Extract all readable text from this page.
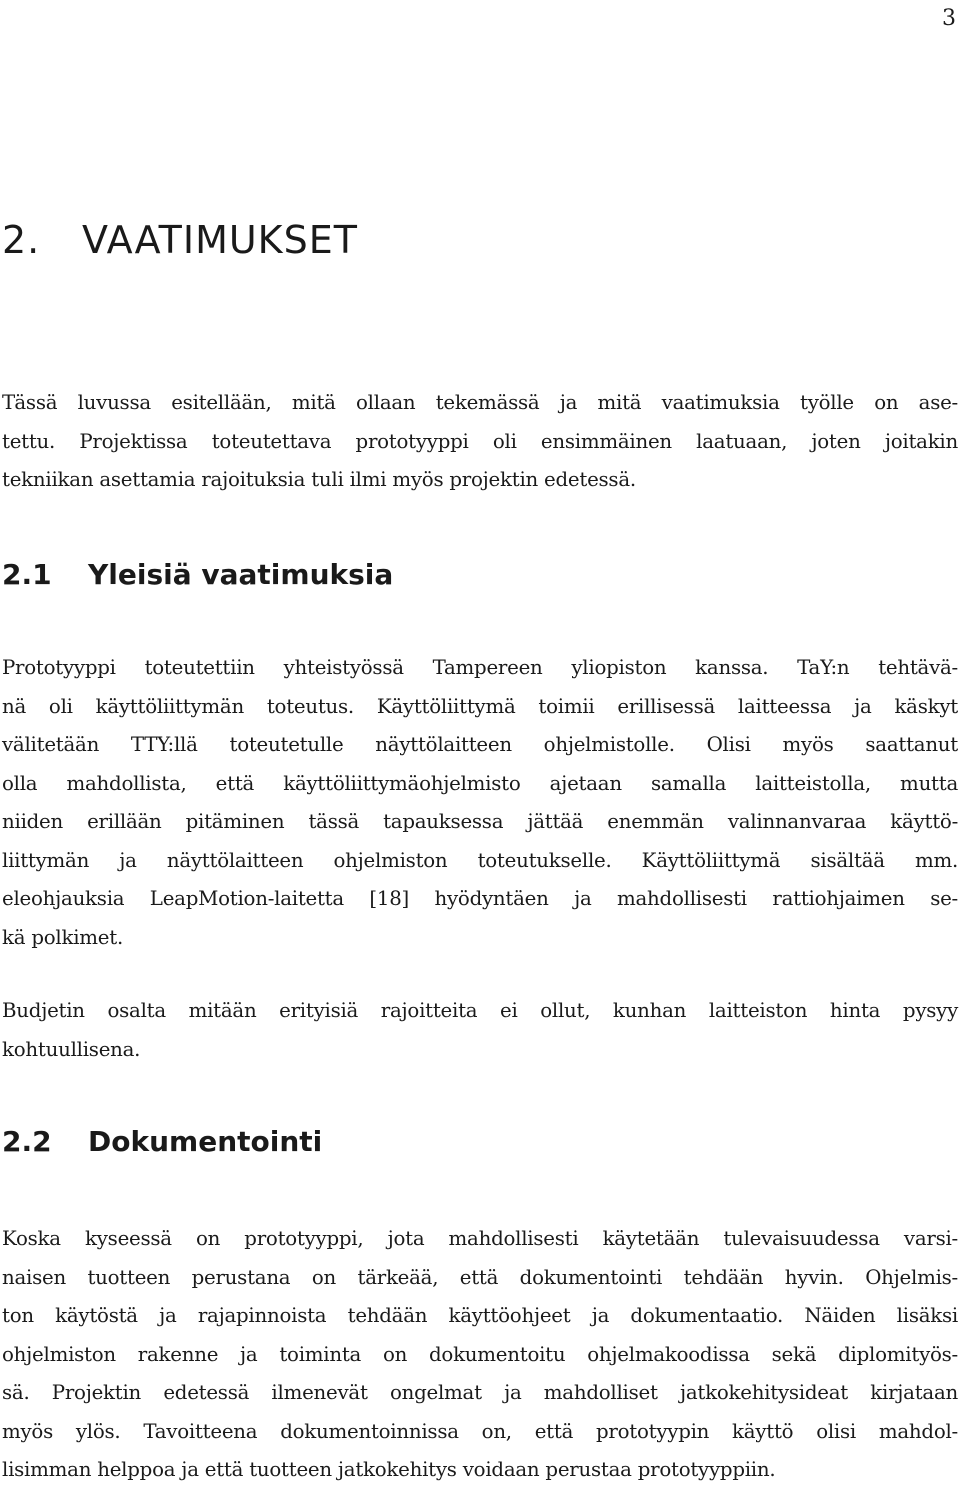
3
2. VAATIMUKSET

Tässä luvussa esitellään, mitä ollaan tekemässä ja mitä vaatimuksia työlle on ase-
tettu. Projektissa toteutettava prototyyppi oli ensimmäinen laatuaan, joten joitakin
tekniikan asettamia rajoituksia tuli ilmi myös projektin edetessä.

2.1 Yleisiä vaatimuksia

Prototyyppi toteutettiin yhteistyössä Tampereen yliopiston kanssa. TaY:n tehtävä-
nä oli käyttöliittymän toteutus. Käyttöliittymä toimii erillisessä laitteessa ja käskyt
välitetään TTY:llä toteutetulle näyttölaitteen ohjelmistolle. Olisi myös saattanut
olla mahdollista, että käyttöliittymäohjelmisto ajetaan samalla laitteistolla, mutta
niiden erillään pitäminen tässä tapauksessa jättää enemmän valinnanvaraa käyttö-
liittymän ja näyttölaitteen ohjelmiston toteutukselle. Käyttöliittymä sisältää mm.
eleohjauksia LeapMotion-laitetta [18] hyödyntäen ja mahdollisesti rattiohjaimen se-
kä polkimet.

Budjetin osalta mitään erityisiä rajoitteita ei ollut, kunhan laitteiston hinta pysyy
kohtuullisena.

2.2 Dokumentointi

Koska kyseessä on prototyyppi, jota mahdollisesti käytetään tulevaisuudessa varsi-
naisen tuotteen perustana on tärkeää, että dokumentointi tehdään hyvin. Ohjelmis-
ton käytöstä ja rajapinnoista tehdään käyttöohjeet ja dokumentaatio. Näiden lisäksi
ohjelmiston rakenne ja toiminta on dokumentoitu ohjelmakoodissa sekä diplomityös-
sä. Projektin edetessä ilmenevät ongelmat ja mahdolliset jatkokehitysideat kirjataan
myös ylös. Tavoitteena dokumentoinnissa on, että prototyypin käyttö olisi mahdol-
lisimman helppoa ja että tuotteen jatkokehitys voidaan perustaa prototyyppiin.
